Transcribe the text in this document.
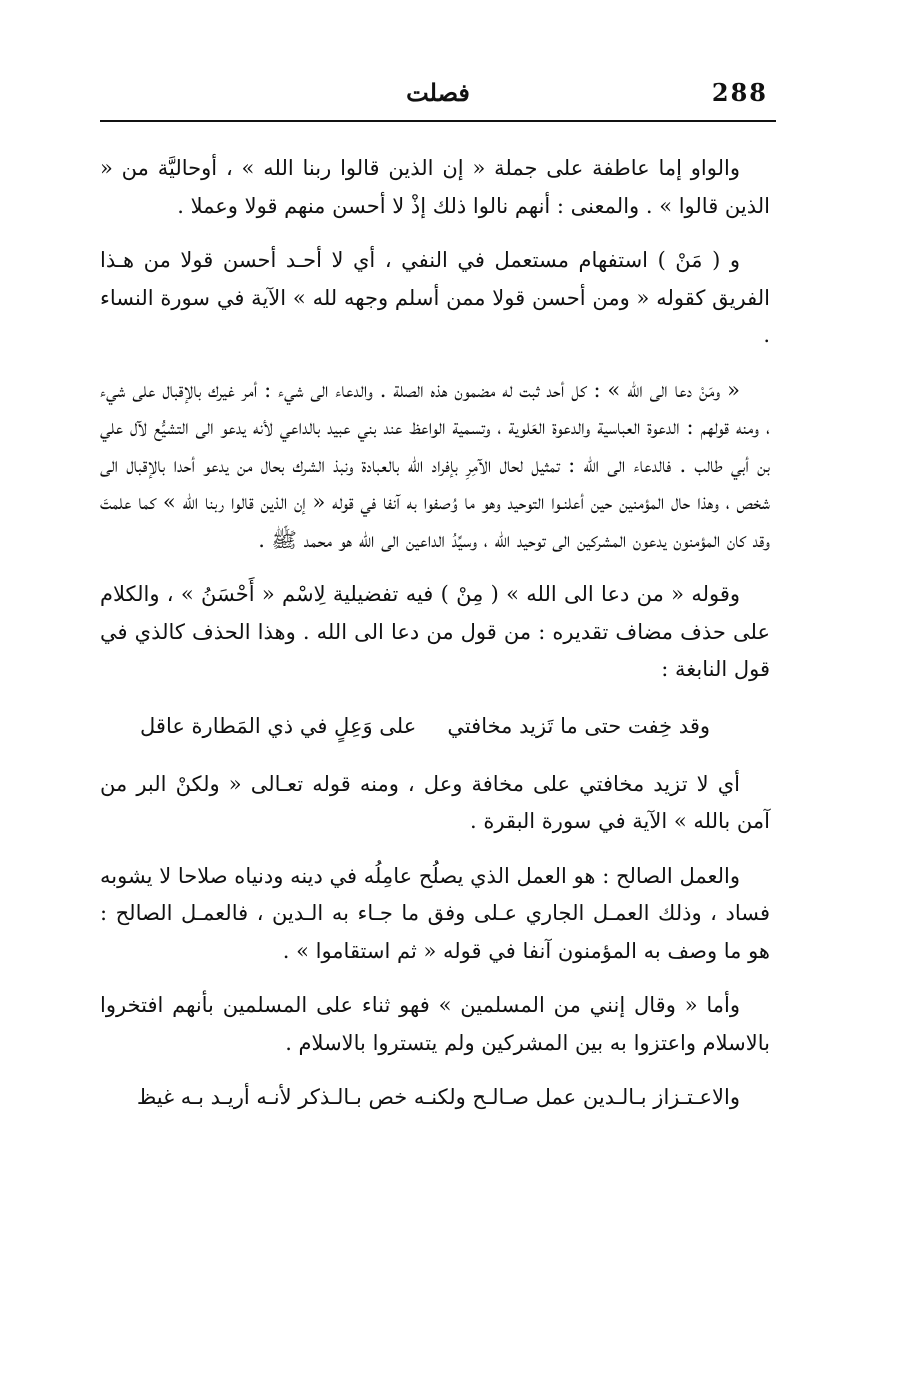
288
فصلت

والواو إما عاطفة على جملة « إن الذين قالوا ربنا الله » ، أوحاليَّة من « الذين قالوا » . والمعنى : أنهم نالوا ذلك إذْ لا أحسن منهم قولا وعملا .

و ( مَنْ ) استفهام مستعمل في النفي ، أي لا أحـد أحسن قولا من هـذا الفريق كقوله « ومن أحسن قولا ممن أسلم وجهه لله » الآية في سورة النساء .

« ومَنْ دعا الى الله » : كل أحد ثبت له مضمون هذه الصلة . والدعاء الى شيء : أمر غيرك بالإقبال على شيء ، ومنه قولهم : الدعوة العباسية والدعوة العَلوية ، وتسمية الواعظ عند بني عبيد بالداعي لأنه يدعو الى التشيُّع لآل علي بن أبي طالب . فالدعاء الى الله : تمثيل لحال الآمِرِ بإفراد الله بالعبادة ونبذ الشرك بحال من يدعو أحدا بالإقبال الى شخص ، وهذا حال المؤمنين حين أعلنـوا التوحيد وهو ما وُصفوا به آنفا في قوله « إن الذين قالوا ربنا الله » كما علمتَ وقد كان المؤمنون يدعون المشركين الى توحيد الله ، وسيِّدُ الداعين الى الله هو محمد ﷺ .

وقوله « من دعا الى الله » ( مِنْ ) فيه تفضيلية لِاسْم « أَحْسَنُ » ، والكلام على حذف مضاف تقديره : من قول من دعا الى الله . وهذا الحذف كالذي في قول النابغة :

وقد خِفت حتى ما تَزيد مخافتي
على وَعِلٍ في ذي المَطارة عاقل

أي لا تزيد مخافتي على مخافة وعل ، ومنه قوله تعـالى « ولكنْ البر من آمن بالله » الآية في سورة البقرة .

والعمل الصالح : هو العمل الذي يصلُح عامِلُه في دينه ودنياه صلاحا لا يشوبه فساد ، وذلك العمـل الجاري عـلى وفق ما جـاء به الـدين ، فالعمـل الصالح : هو ما وصف به المؤمنون آنفا في قوله « ثم استقاموا » .

وأما « وقال إنني من المسلمين » فهو ثناء على المسلمين بأنهم افتخروا بالاسلام واعتزوا به بين المشركين ولم يتستروا بالاسلام .

والاعـتـزاز بـالـدين عمل صـالـح ولكنـه خص بـالـذكر لأنـه أريـد بـه غيظ
